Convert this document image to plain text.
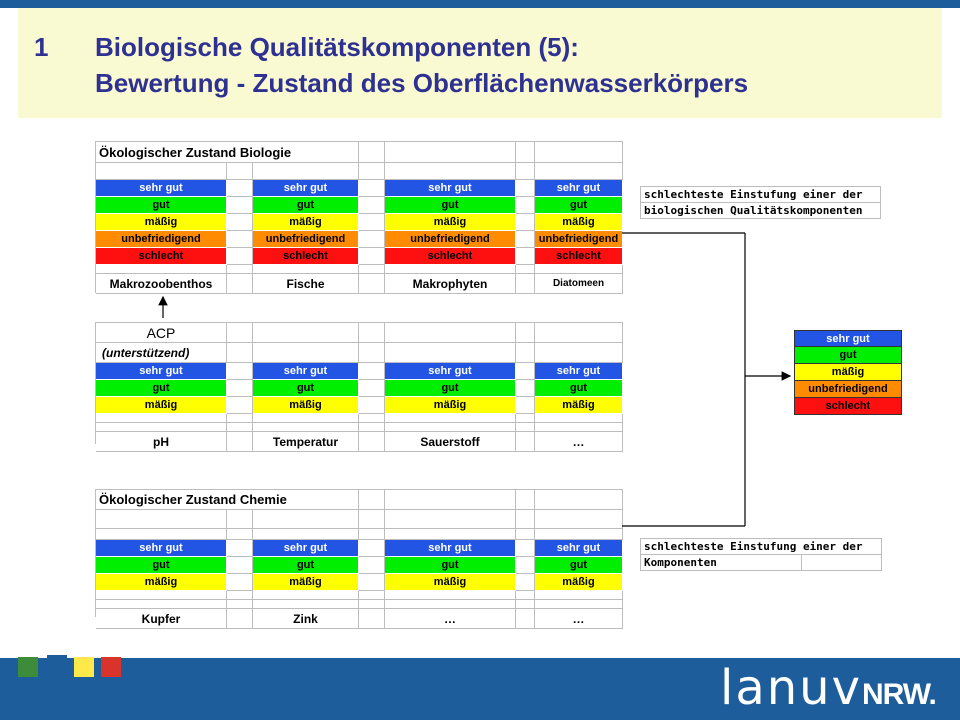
1 Biologische Qualitätskomponenten (5):
Bewertung - Zustand des Oberflächenwasserkörpers
Ökologischer Zustand Biologie
sehr gut	sehr gut	sehr gut	sehr gut
gut	gut	gut	gut
mäßig	mäßig	mäßig	mäßig
unbefriedigend	unbefriedigend	unbefriedigend	unbefriedigend
schlecht	schlecht	schlecht	schlecht
Makrozoobenthos	Fische	Makrophyten	Diatomeen
ACP
(unterstützend)
sehr gut	sehr gut	sehr gut	sehr gut
gut	gut	gut	gut
mäßig	mäßig	mäßig	mäßig
pH	Temperatur	Sauerstoff	…
Ökologischer Zustand Chemie
sehr gut	sehr gut	sehr gut	sehr gut
gut	gut	gut	gut
mäßig	mäßig	mäßig	mäßig
Kupfer	Zink	…	…
schlechteste Einstufung einer der
biologischen Qualitätskomponenten
schlechteste Einstufung einer der
Komponenten
sehr gut
gut
mäßig
unbefriedigend
schlecht
lanuvNRW.
